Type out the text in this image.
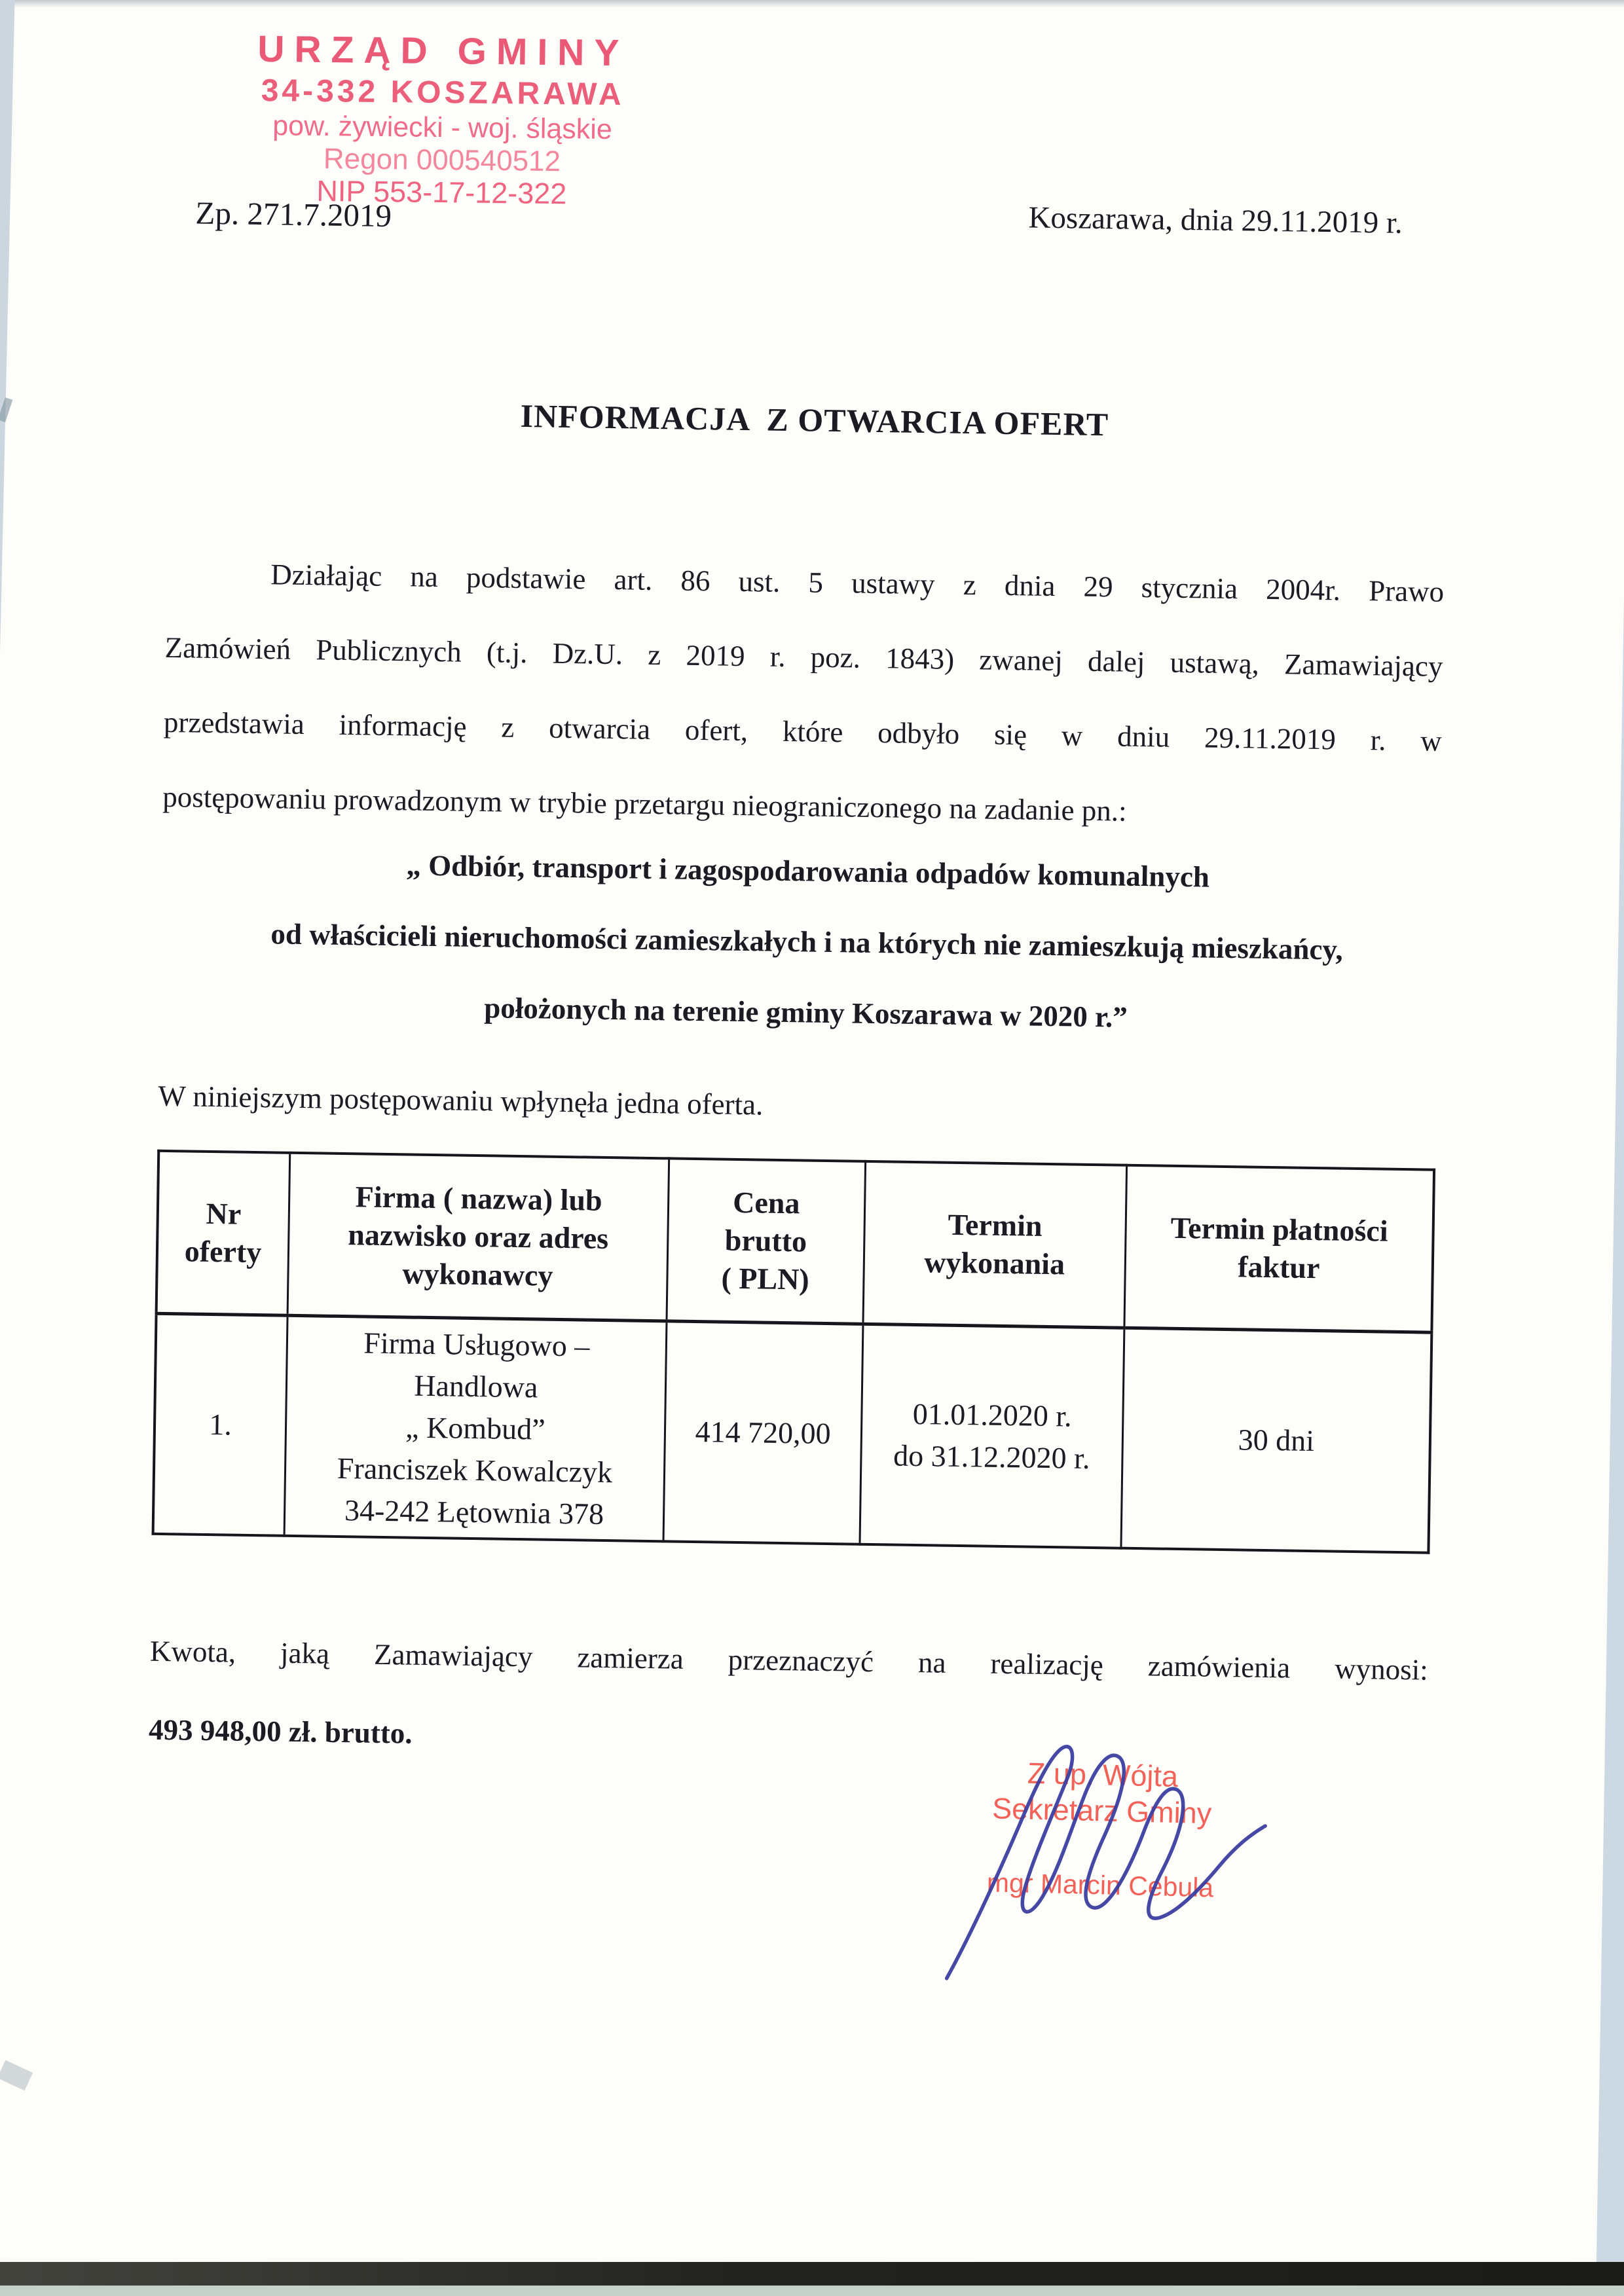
URZĄD GMINY
34-332 KOSZARAWA
pow. żywiecki - woj. śląskie
Regon 000540512
NIP 553-17-12-322
Zp. 271.7.2019	Koszarawa, dnia 29.11.2019 r.
INFORMACJA  Z OTWARCIA OFERT
Działając na podstawie art. 86 ust. 5 ustawy z dnia 29 stycznia 2004r. Prawo
Zamówień Publicznych (t.j. Dz.U. z 2019 r. poz. 1843) zwanej dalej ustawą, Zamawiający
przedstawia informację z otwarcia ofert, które odbyło się w dniu 29.11.2019 r. w
postępowaniu prowadzonym w trybie przetargu nieograniczonego na zadanie pn.:
„ Odbiór, transport i zagospodarowania odpadów komunalnych
od właścicieli nieruchomości zamieszkałych i na których nie zamieszkują mieszkańcy,
położonych na terenie gminy Koszarawa w 2020 r.”
W niniejszym postępowaniu wpłynęła jedna oferta.
Nr
oferty	Firma ( nazwa) lub
nazwisko oraz adres
wykonawcy	Cena
brutto
( PLN)	Termin
wykonania	Termin płatności
faktur

1.	Firma Usługowo –
Handlowa
„ Kombud”
Franciszek Kowalczyk
34-242 Łętownia 378	414 720,00	01.01.2020 r.
do 31.12.2020 r.	30 dni
Kwota, jaką Zamawiający zamierza przeznaczyć na realizację zamówienia wynosi:
493 948,00 zł. brutto.
Z up. Wójta
Sekretarz Gminy
mgr Marcin Cebula
